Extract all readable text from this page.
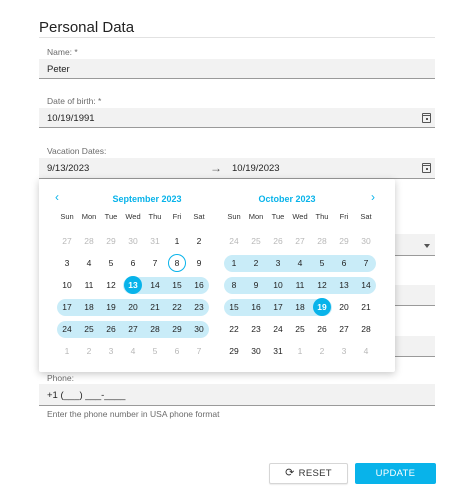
Personal Data
Name: *
Peter
Date of birth: *
10/19/1991
Vacation Dates:
9/13/2023	→ 10/19/2023
Phone:
+1 (___) ___-____
Enter the phone number in USA phone format
⟳ RESET	UPDATE
‹	›
September 2023	October 2023
Sun	Mon	Tue	Wed	Thu	Fri	Sat
27	28	29	30	31	1	2
3	4	5	6	7	8	9
10	11	12	13	14	15	16
17	18	19	20	21	22	23
24	25	26	27	28	29	30
1	2	3	4	5	6	7
Sun	Mon	Tue	Wed	Thu	Fri	Sat
24	25	26	27	28	29	30
1	2	3	4	5	6	7
8	9	10	11	12	13	14
15	16	17	18	19	20	21
22	23	24	25	26	27	28
29	30	31	1	2	3	4
